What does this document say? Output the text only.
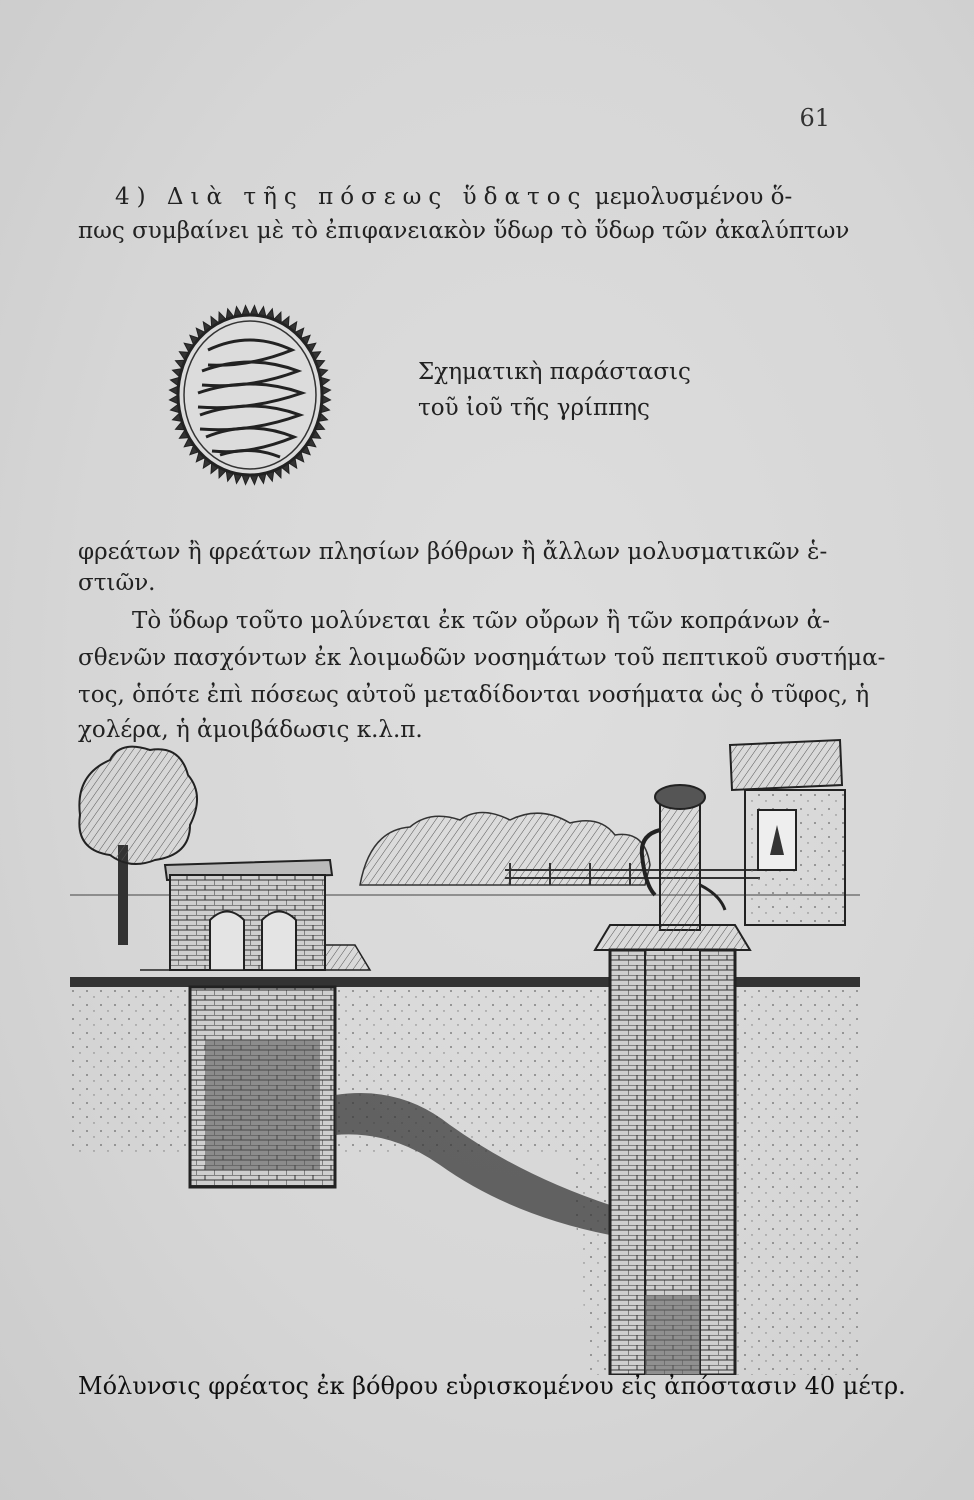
61
4) Διὰ τῆς πόσεως ὕδατος μεμολυσμένου ὅ-
πως συμβαίνει μὲ τὸ ἐπιφανειακὸν ὕδωρ τὸ ὕδωρ τῶν ἀκαλύπτων
Σχηματικὴ παράστασις
τοῦ ἰοῦ τῆς γρίππης
φρεάτων ἢ φρεάτων πλησίων βόθρων ἢ ἄλλων μολυσματικῶν ἑ-
στιῶν.
Τὸ ὕδωρ τοῦτο μολύνεται ἐκ τῶν οὔρων ἢ τῶν κοπράνων ἀ-
σθενῶν πασχόντων ἐκ λοιμωδῶν νοσημάτων τοῦ πεπτικοῦ συστήμα-
τος, ὁπότε ἐπὶ πόσεως αὐτοῦ μεταδίδονται νοσήματα ὡς ὁ τῦφος, ἡ
χολέρα, ἡ ἀμοιβάδωσις κ.λ.π.
Μόλυνσις φρέατος ἐκ βόθρου εὑρισκομένου εἰς ἀπόστασιν 40 μέτρ.
